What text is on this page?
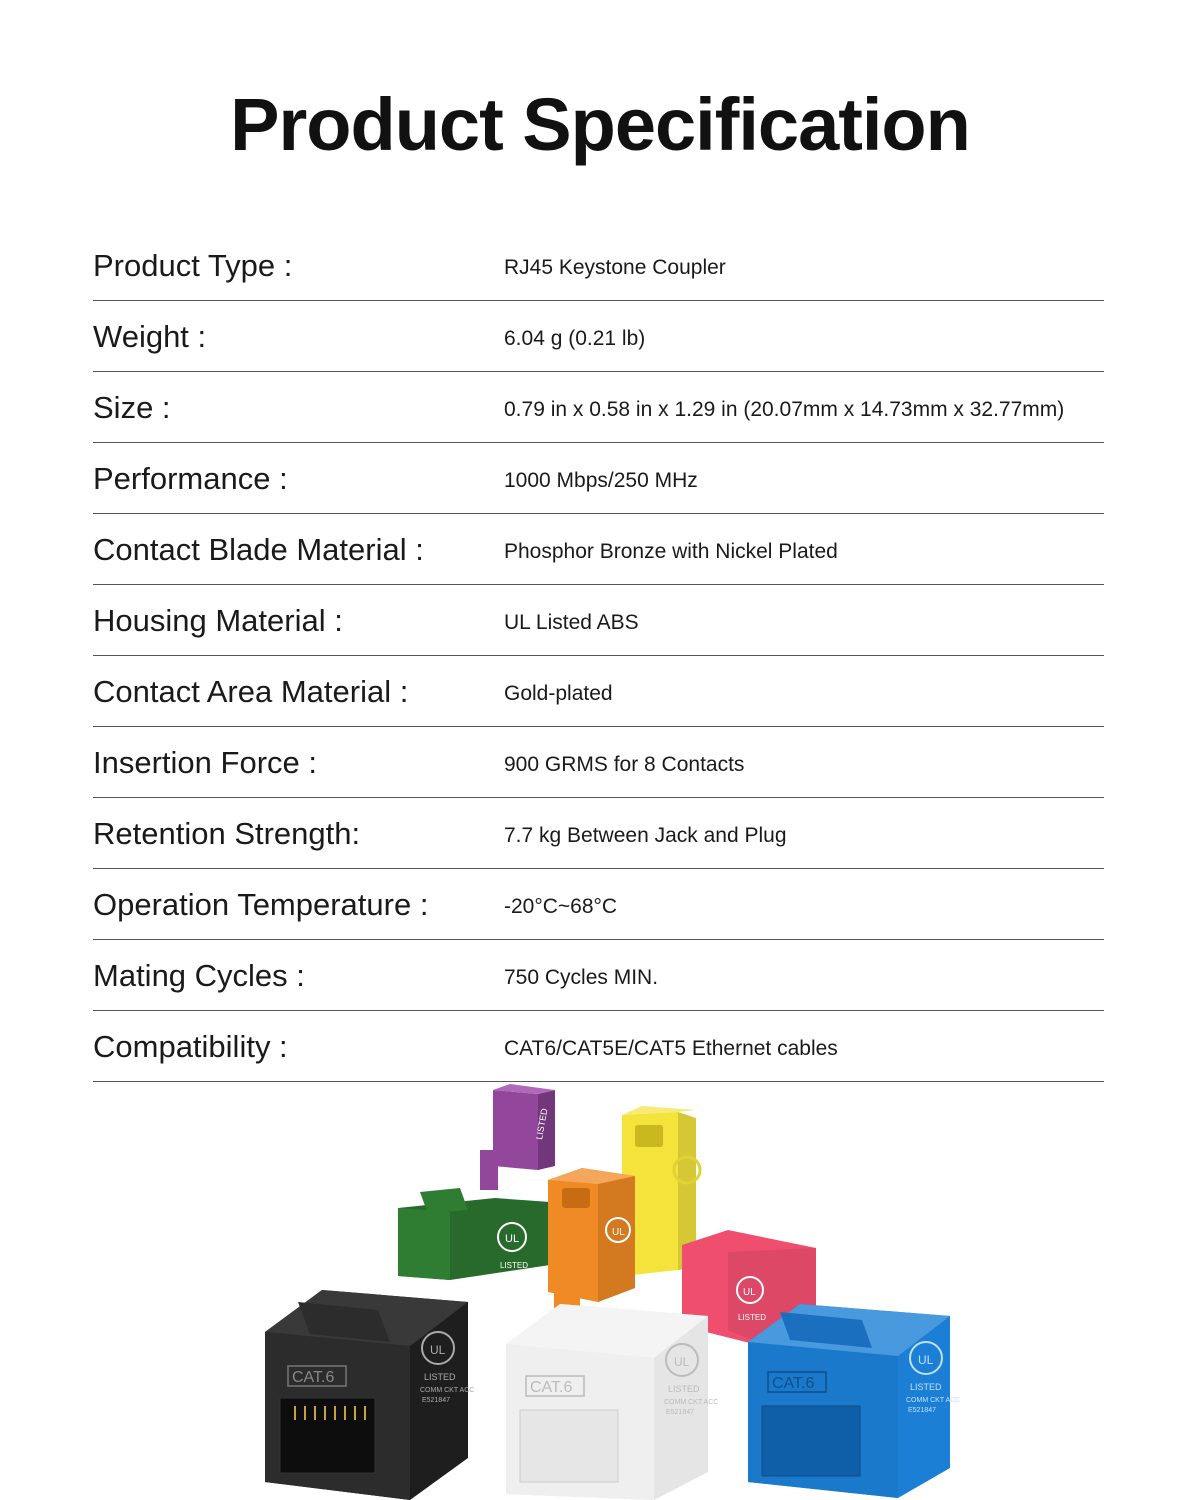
Product Specification
Product Type :	RJ45 Keystone Coupler
Weight :	6.04 g (0.21 lb)
Size :	0.79 in x 0.58 in x 1.29 in (20.07mm x 14.73mm x 32.77mm)
Performance :	1000 Mbps/250 MHz
Contact Blade Material :	Phosphor Bronze with Nickel Plated
Housing Material :	UL Listed ABS
Contact Area Material :	Gold-plated
Insertion Force :	900 GRMS for 8 Contacts
Retention Strength:	7.7 kg Between Jack and Plug
Operation Temperature :	-20°C~68°C
Mating Cycles :	750 Cycles MIN.
Compatibility :	CAT6/CAT5E/CAT5 Ethernet cables
LISTED
UL
LISTED
UL
UL
LISTED
CAT.6
UL
LISTED
COMM CKT ACC
E521847
CAT.6
UL
LISTED
COMM CKT ACC
E521847
CAT.6
UL
LISTED
COMM CKT ACC
E521847
